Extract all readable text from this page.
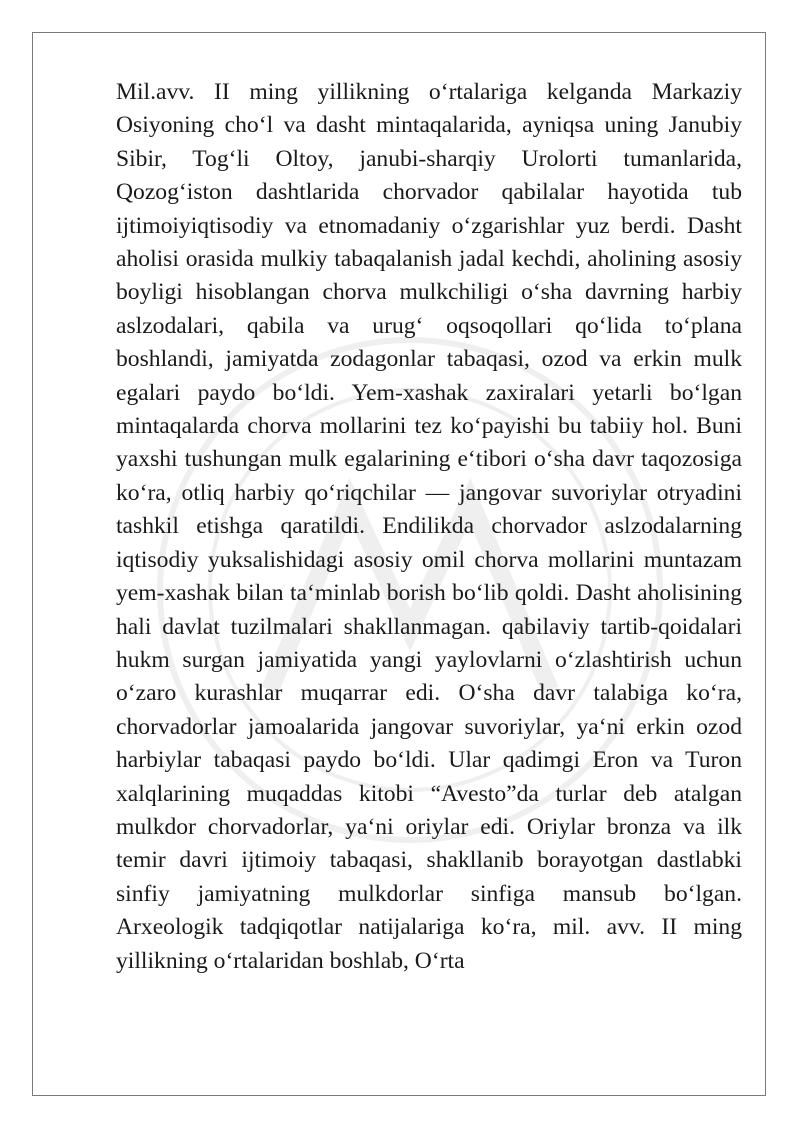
Mil.avv. II ming yillikning o‘rtalariga kelganda Markaziy Osiyoning cho‘l va dasht mintaqalarida, ayniqsa uning Janubiy Sibir, Tog‘li Oltoy, janubi-sharqiy Urolorti tumanlarida, Qozog‘iston dashtlarida chorvador qabilalar hayotida tub ijtimoiyiqtisodiy va etnomadaniy o‘zgarishlar yuz berdi. Dasht aholisi orasida mulkiy tabaqalanish jadal kechdi, aholining asosiy boyligi hisoblangan chorva mulkchiligi o‘sha davrning harbiy aslzodalari, qabila va urug‘ oqsoqollari qo‘lida to‘plana boshlandi, jamiyatda zodagonlar tabaqasi, ozod va erkin mulk egalari paydo bo‘ldi. Yem-xashak zaxiralari yetarli bo‘lgan mintaqalarda chorva mollarini tez ko‘payishi bu tabiiy hol. Buni yaxshi tushungan mulk egalarining e‘tibori o‘sha davr taqozosiga ko‘ra, otliq harbiy qo‘riqchilar — jangovar suvoriylar otryadini tashkil etishga qaratildi. Endilikda chorvador aslzodalarning iqtisodiy yuksalishidagi asosiy omil chorva mollarini muntazam yem-xashak bilan ta‘minlab borish bo‘lib qoldi. Dasht aholisining hali davlat tuzilmalari shakllanmagan. qabilaviy tartib-qoidalari hukm surgan jamiyatida yangi yaylovlarni o‘zlashtirish uchun o‘zaro kurashlar muqarrar edi. O‘sha davr talabiga ko‘ra, chorvadorlar jamoalarida jangovar suvoriylar, ya‘ni erkin ozod harbiylar tabaqasi paydo bo‘ldi. Ular qadimgi Eron va Turon xalqlarining muqaddas kitobi “Avesto”da turlar deb atalgan mulkdor chorvadorlar, ya‘ni oriylar edi. Oriylar bronza va ilk temir davri ijtimoiy tabaqasi, shakllanib borayotgan dastlabki sinfiy jamiyatning mulkdorlar sinfiga mansub bo‘lgan. Arxeologik tadqiqotlar natijalariga ko‘ra, mil. avv. II ming yillikning o‘rtalaridan boshlab, O‘rta
